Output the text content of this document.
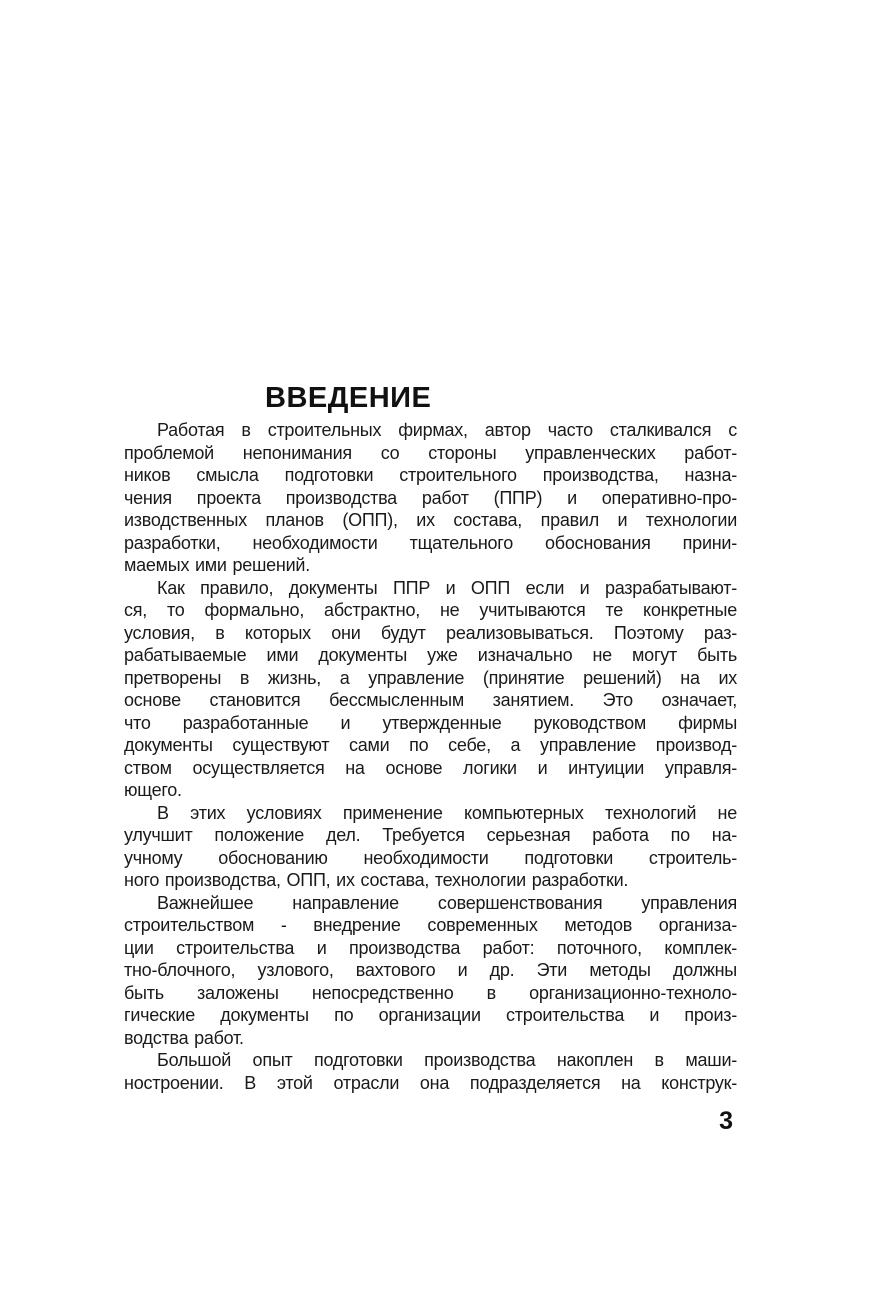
ВВЕДЕНИЕ
Работая в строительных фирмах, автор часто сталкивался с
проблемой непонимания со стороны управленческих работ-
ников смысла подготовки строительного производства, назна-
чения проекта производства работ (ППР) и оперативно-про-
изводственных планов (ОПП), их состава, правил и технологии
разработки, необходимости тщательного обоснования прини-
маемых ими решений.
Как правило, документы ППР и ОПП если и разрабатывают-
ся, то формально, абстрактно, не учитываются те конкретные
условия, в которых они будут реализовываться. Поэтому раз-
рабатываемые ими документы уже изначально не могут быть
претворены в жизнь, а управление (принятие решений) на их
основе становится бессмысленным занятием. Это означает,
что разработанные и утвержденные руководством фирмы
документы существуют сами по себе, а управление производ-
ством осуществляется на основе логики и интуиции управля-
ющего.
В этих условиях применение компьютерных технологий не
улучшит положение дел. Требуется серьезная работа по на-
учному обоснованию необходимости подготовки строитель-
ного производства, ОПП, их состава, технологии разработки.
Важнейшее направление совершенствования управления
строительством - внедрение современных методов организа-
ции строительства и производства работ: поточного, комплек-
тно-блочного, узлового, вахтового и др. Эти методы должны
быть заложены непосредственно в организационно-техноло-
гические документы по организации строительства и произ-
водства работ.
Большой опыт подготовки производства накоплен в маши-
ностроении. В этой отрасли она подразделяется на конструк-
3
